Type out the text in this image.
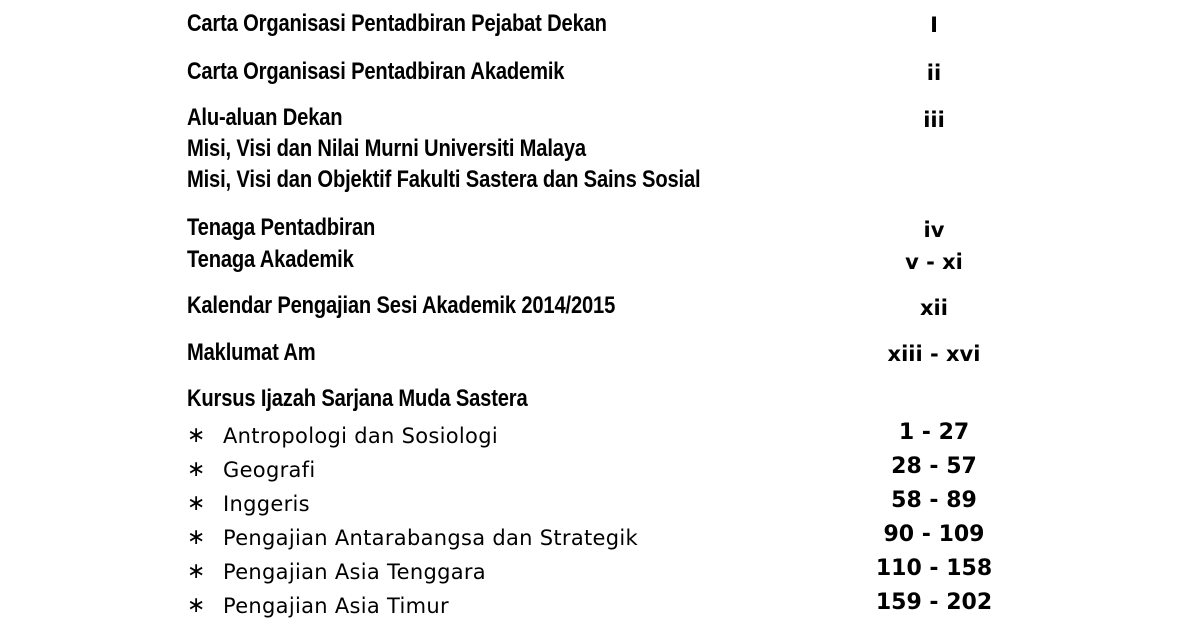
Carta Organisasi Pentadbiran Pejabat Dekan	I
Carta Organisasi Pentadbiran Akademik	ii
Alu-aluan Dekan	iii
Misi, Visi dan Nilai Murni Universiti Malaya
Misi, Visi dan Objektif Fakulti Sastera dan Sains Sosial
Tenaga Pentadbiran	iv
Tenaga Akademik	v - xi
Kalendar Pengajian Sesi Akademik 2014/2015	xii
Maklumat Am	xiii - xvi
Kursus Ijazah Sarjana Muda Sastera
∗ Antropologi dan Sosiologi	1 - 27
∗ Geografi	28 - 57
∗ Inggeris	58 - 89
∗ Pengajian Antarabangsa dan Strategik	90 - 109
∗ Pengajian Asia Tenggara	110 - 158
∗ Pengajian Asia Timur	159 - 202
